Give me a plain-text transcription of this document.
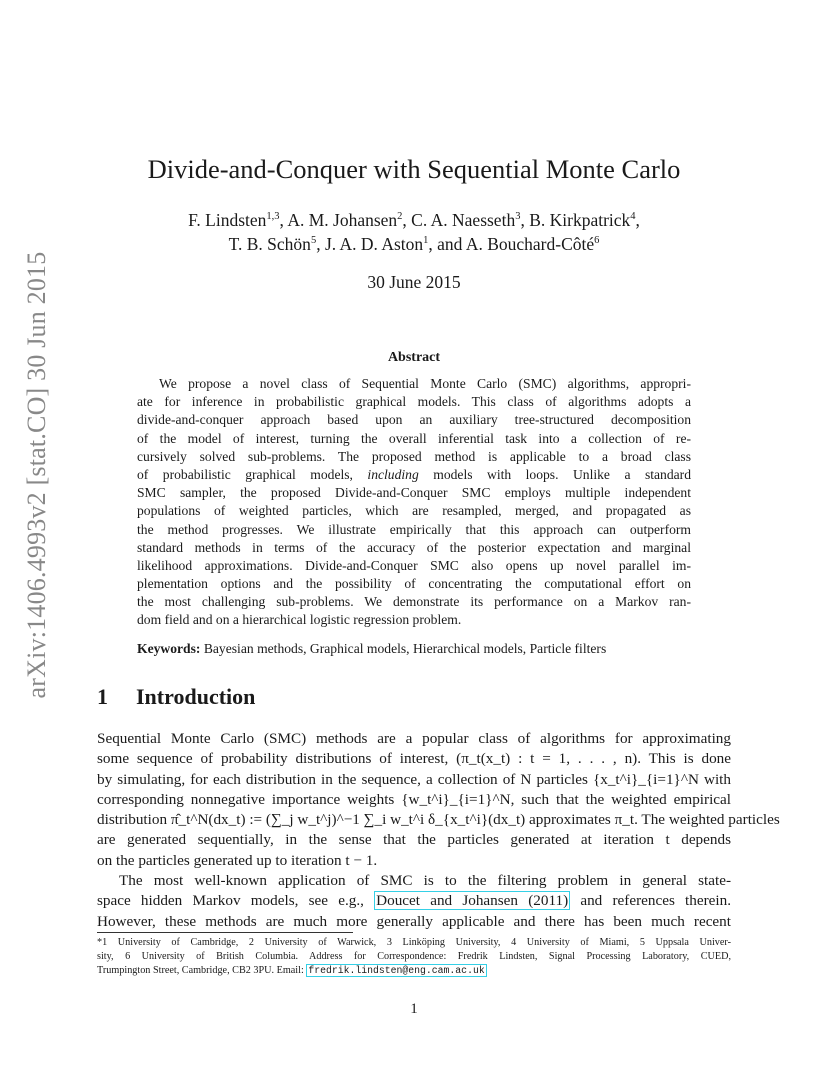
arXiv:1406.4993v2 [stat.CO] 30 Jun 2015
Divide-and-Conquer with Sequential Monte Carlo
F. Lindsten$^{1,3}$, A. M. Johansen$^2$, C. A. Naesseth$^3$, B. Kirkpatrick$^4$,
T. B. Schön$^5$, J. A. D. Aston$^1$, and A. Bouchard-Côté$^6$
30 June 2015
Abstract
We propose a novel class of Sequential Monte Carlo (SMC) algorithms, appropri-
ate for inference in probabilistic graphical models. This class of algorithms adopts a
divide-and-conquer approach based upon an auxiliary tree-structured decomposition
of the model of interest, turning the overall inferential task into a collection of re-
cursively solved sub-problems. The proposed method is applicable to a broad class
of probabilistic graphical models, including models with loops. Unlike a standard
SMC sampler, the proposed Divide-and-Conquer SMC employs multiple independent
populations of weighted particles, which are resampled, merged, and propagated as
the method progresses. We illustrate empirically that this approach can outperform
standard methods in terms of the accuracy of the posterior expectation and marginal
likelihood approximations. Divide-and-Conquer SMC also opens up novel parallel im-
plementation options and the possibility of concentrating the computational effort on
the most challenging sub-problems. We demonstrate its performance on a Markov ran-
dom field and on a hierarchical logistic regression problem.
Keywords: Bayesian methods, Graphical models, Hierarchical models, Particle filters
1 Introduction
Sequential Monte Carlo (SMC) methods are a popular class of algorithms for approximating
some sequence of probability distributions of interest, (π_t(x_t) : t = 1, . . . , n). This is done
by simulating, for each distribution in the sequence, a collection of N particles {x_t^i}_{i=1}^N with
corresponding nonnegative importance weights {w_t^i}_{i=1}^N, such that the weighted empirical
distribution π̂_t^N(dx_t) := (∑_j w_t^j)^−1 ∑_i w_t^i δ_{x_t^i}(dx_t) approximates π_t. The weighted particles
are generated sequentially, in the sense that the particles generated at iteration t depends
on the particles generated up to iteration t − 1.
The most well-known application of SMC is to the filtering problem in general state-
space hidden Markov models, see e.g., Doucet and Johansen (2011) and references therein.
However, these methods are much more generally applicable and there has been much recent
*1 University of Cambridge, 2 University of Warwick, 3 Linköping University, 4 University of Miami, 5 Uppsala Univer-
sity, 6 University of British Columbia. Address for Correspondence: Fredrik Lindsten, Signal Processing Laboratory, CUED,
Trumpington Street, Cambridge, CB2 3PU. Email: fredrik.lindsten@eng.cam.ac.uk
1
